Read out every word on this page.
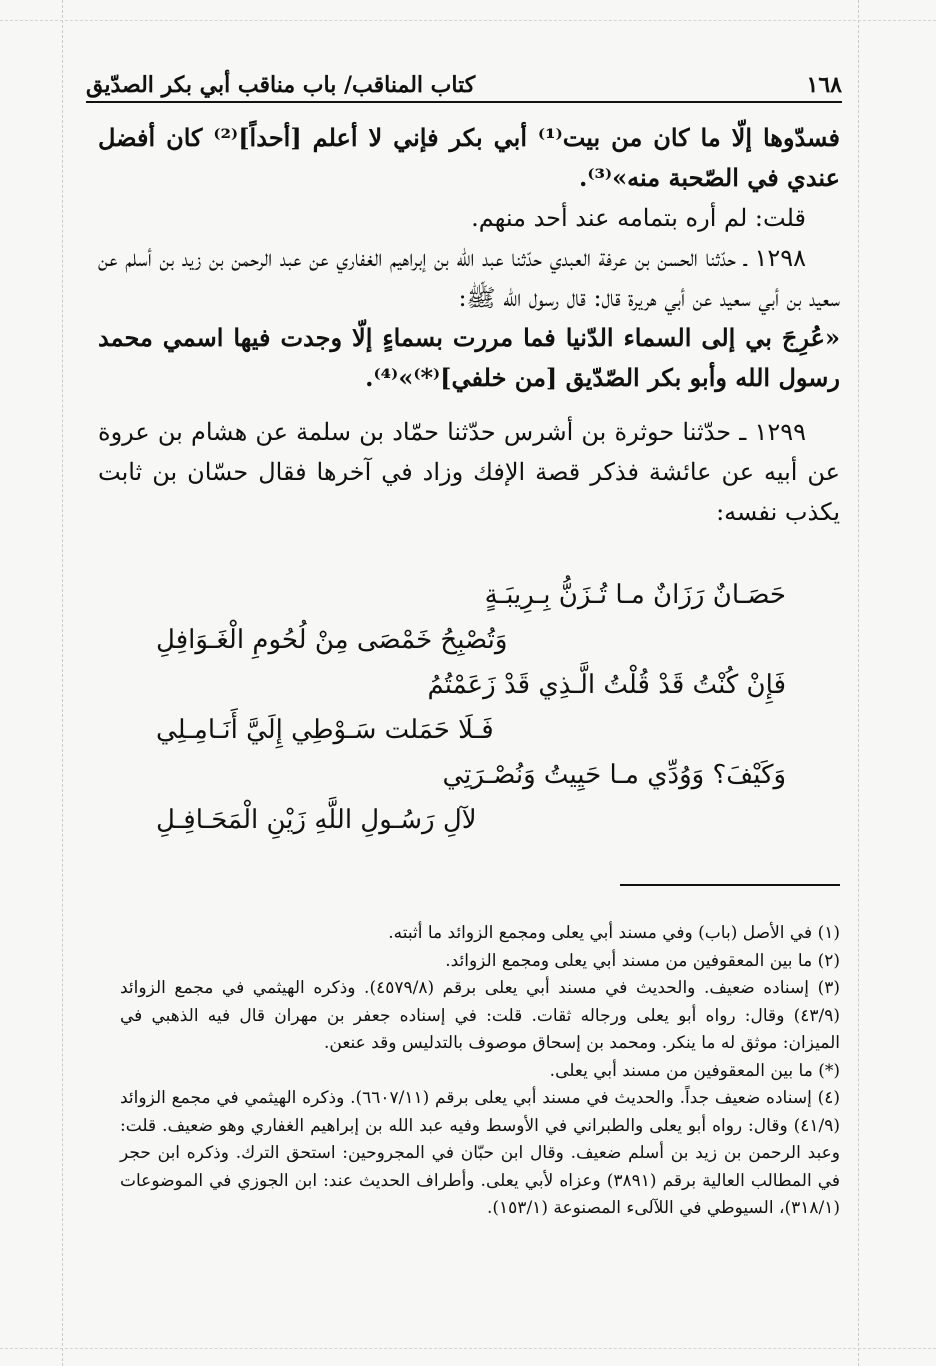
١٦٨
كتاب المناقب/ باب مناقب أبي بكر الصدّيق

فسدّوها إلّا ما كان من بيت⁽¹⁾ أبي بكر فإني لا أعلم [أحداً]⁽²⁾ كان أفضل عندي في الصّحبة منه»⁽³⁾.

قلت: لم أره بتمامه عند أحد منهم.

١٢٩٨ ـ حدّثنا الحسن بن عرفة العبدي حدّثنا عبد الله بن إبراهيم الغفاري عن عبد الرحمن بن زيد بن أسلم عن سعيد بن أبي سعيد عن أبي هريرة قال: قال رسول الله ﷺ:

«عُرِجَ بي إلى السماء الدّنيا فما مررت بسماءٍ إلّا وجدت فيها اسمي محمد رسول الله وأبو بكر الصّدّيق [من خلفي]⁽*⁾»⁽⁴⁾.

١٢٩٩ ـ حدّثنا حوثرة بن أشرس حدّثنا حمّاد بن سلمة عن هشام بن عروة عن أبيه عن عائشة فذكر قصة الإفك وزاد في آخرها فقال حسّان بن ثابت يكذب نفسه:

حَصَـانٌ رَزَانٌ مـا تُـزَنُّ بِـرِيبَـةٍ
وَتُصْبِحُ خَمْصَى مِنْ لُحُومِ الْغَـوَافِلِ
فَإِنْ كُنْتُ قَدْ قُلْتُ الَّـذِي قَدْ زَعَمْتُمُ
فَـلَا حَمَلت سَـوْطِي إِلَيَّ أَنَـامِـلِي
وَكَيْفَ؟ وَوُدِّي مـا حَيِيتُ وَنُصْـرَتِي
لآلِ رَسُـولِ اللَّهِ زَيْنِ الْمَحَـافِـلِ

(١) في الأصل (باب) وفي مسند أبي يعلى ومجمع الزوائد ما أثبته.

(٢) ما بين المعقوفين من مسند أبي يعلى ومجمع الزوائد.

(٣) إسناده ضعيف. والحديث في مسند أبي يعلى برقم (٤٥٧٩/٨). وذكره الهيثمي في مجمع الزوائد (٤٣/٩) وقال: رواه أبو يعلى ورجاله ثقات. قلت: في إسناده جعفر بن مهران قال فيه الذهبي في الميزان: موثق له ما ينكر. ومحمد بن إسحاق موصوف بالتدليس وقد عنعن.

(*) ما بين المعقوفين من مسند أبي يعلى.

(٤) إسناده ضعيف جداً. والحديث في مسند أبي يعلى برقم (٦٦٠٧/١١). وذكره الهيثمي في مجمع الزوائد (٤١/٩) وقال: رواه أبو يعلى والطبراني في الأوسط وفيه عبد الله بن إبراهيم الغفاري وهو ضعيف. قلت: وعبد الرحمن بن زيد بن أسلم ضعيف. وقال ابن حبّان في المجروحين: استحق الترك. وذكره ابن حجر في المطالب العالية برقم (٣٨٩١) وعزاه لأبي يعلى. وأطراف الحديث عند: ابن الجوزي في الموضوعات (٣١٨/١)، السيوطي في اللآلىء المصنوعة (١٥٣/١).
